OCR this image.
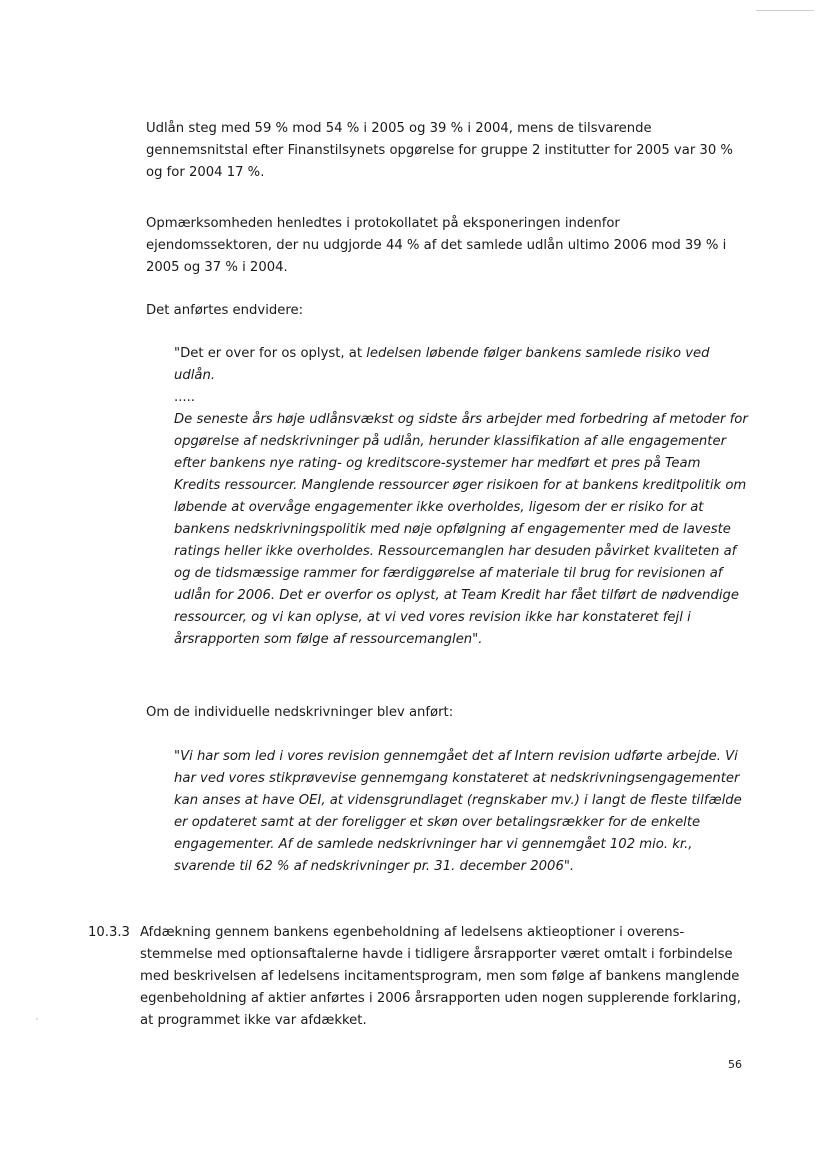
Udlån steg med 59 % mod 54 % i 2005 og 39 % i 2004, mens de tilsvarende gennemsnitstal efter Finanstilsynets opgørelse for gruppe 2 institutter for 2005 var 30 % og for 2004 17 %.

Opmærksomheden henledtes i protokollatet på eksponeringen indenfor ejendomssektoren, der nu udgjorde 44 % af det samlede udlån ultimo 2006 mod 39 % i 2005 og 37 % i 2004.

Det anførtes endvidere:

"Det er over for os oplyst, at ledelsen løbende følger bankens samlede risiko ved udlån.
.....
De seneste års høje udlånsvækst og sidste års arbejder med forbedring af metoder for opgørelse af nedskrivninger på udlån, herunder klassifikation af alle engagementer efter bankens nye rating- og kreditscore-systemer har medført et pres på Team Kredits ressourcer. Manglende ressourcer øger risikoen for at bankens kreditpolitik om løbende at overvåge engagementer ikke overholdes, ligesom der er risiko for at bankens nedskrivningspolitik med nøje opfølgning af engagementer med de laveste ratings heller ikke overholdes. Ressourcemanglen har desuden påvirket kvaliteten af og de tidsmæssige rammer for færdiggørelse af materiale til brug for revisionen af udlån for 2006. Det er overfor os oplyst, at Team Kredit har fået tilført de nødvendige ressourcer, og vi kan oplyse, at vi ved vores revision ikke har konstateret fejl i årsrapporten som følge af ressourcemanglen".

Om de individuelle nedskrivninger blev anført:

"Vi har som led i vores revision gennemgået det af Intern revision udførte arbejde. Vi har ved vores stikprøvevise gennemgang konstateret at nedskrivningsengagementer kan anses at have OEI, at vidensgrundlaget (regnskaber mv.) i langt de fleste tilfælde er opdateret samt at der foreligger et skøn over betalingsrækker for de enkelte engagementer. Af de samlede nedskrivninger har vi gennemgået 102 mio. kr., svarende til 62 % af nedskrivninger pr. 31. december 2006".

10.3.3 Afdækning gennem bankens egenbeholdning af ledelsens aktieoptioner i overens-
stemmelse med optionsaftalerne havde i tidligere årsrapporter været omtalt i forbindelse med beskrivelsen af ledelsens incitamentsprogram, men som følge af bankens manglende egenbeholdning af aktier anførtes i 2006 årsrapporten uden nogen supplerende forklaring, at programmet ikke var afdækket.
56
